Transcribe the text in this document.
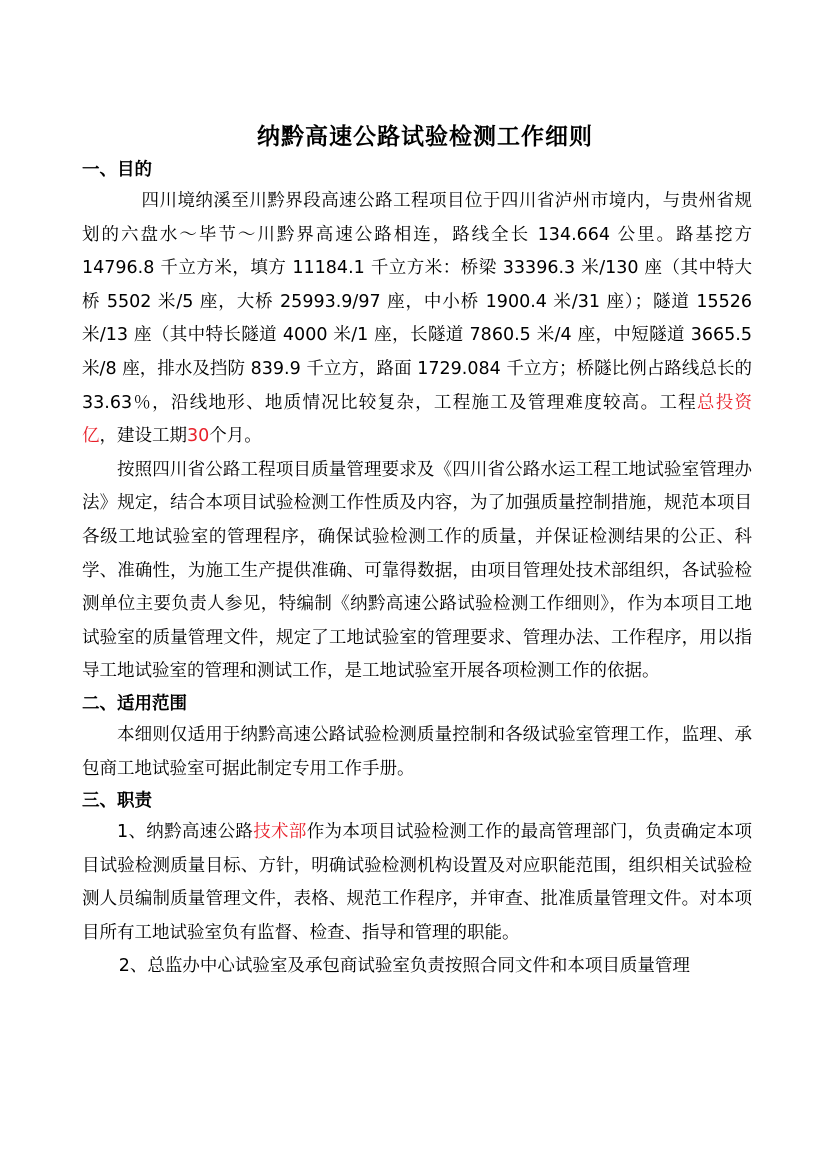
纳黔高速公路试验检测工作细则

一、目的

四川境纳溪至川黔界段高速公路工程项目位于四川省泸州市境内，与贵州省规划的六盘水～毕节～川黔界高速公路相连，路线全长 134.664 公里。路基挖方 14796.8 千立方米，填方 11184.1 千立方米：桥梁 33396.3 米/130 座（其中特大桥 5502 米/5 座，大桥 25993.9/97 座，中小桥 1900.4 米/31 座）；隧道 15526 米/13 座（其中特长隧道 4000 米/1 座，长隧道 7860.5 米/4 座，中短隧道 3665.5 米/8 座，排水及挡防 839.9 千立方，路面 1729.084 千立方；桥隧比例占路线总长的 33.63％，沿线地形、地质情况比较复杂，工程施工及管理难度较高。工程总投资　　亿，建设工期30个月。

按照四川省公路工程项目质量管理要求及《四川省公路水运工程工地试验室管理办法》规定，结合本项目试验检测工作性质及内容，为了加强质量控制措施，规范本项目各级工地试验室的管理程序，确保试验检测工作的质量，并保证检测结果的公正、科学、准确性，为施工生产提供准确、可靠得数据，由项目管理处技术部组织，各试验检测单位主要负责人参见，特编制《纳黔高速公路试验检测工作细则》，作为本项目工地试验室的质量管理文件，规定了工地试验室的管理要求、管理办法、工作程序，用以指导工地试验室的管理和测试工作，是工地试验室开展各项检测工作的依据。

二、适用范围

本细则仅适用于纳黔高速公路试验检测质量控制和各级试验室管理工作，监理、承包商工地试验室可据此制定专用工作手册。

三、职责

1、纳黔高速公路技术部作为本项目试验检测工作的最高管理部门，负责确定本项目试验检测质量目标、方针，明确试验检测机构设置及对应职能范围，组织相关试验检测人员编制质量管理文件，表格、规范工作程序，并审查、批准质量管理文件。对本项目所有工地试验室负有监督、检查、指导和管理的职能。

2、总监办中心试验室及承包商试验室负责按照合同文件和本项目质量管理
